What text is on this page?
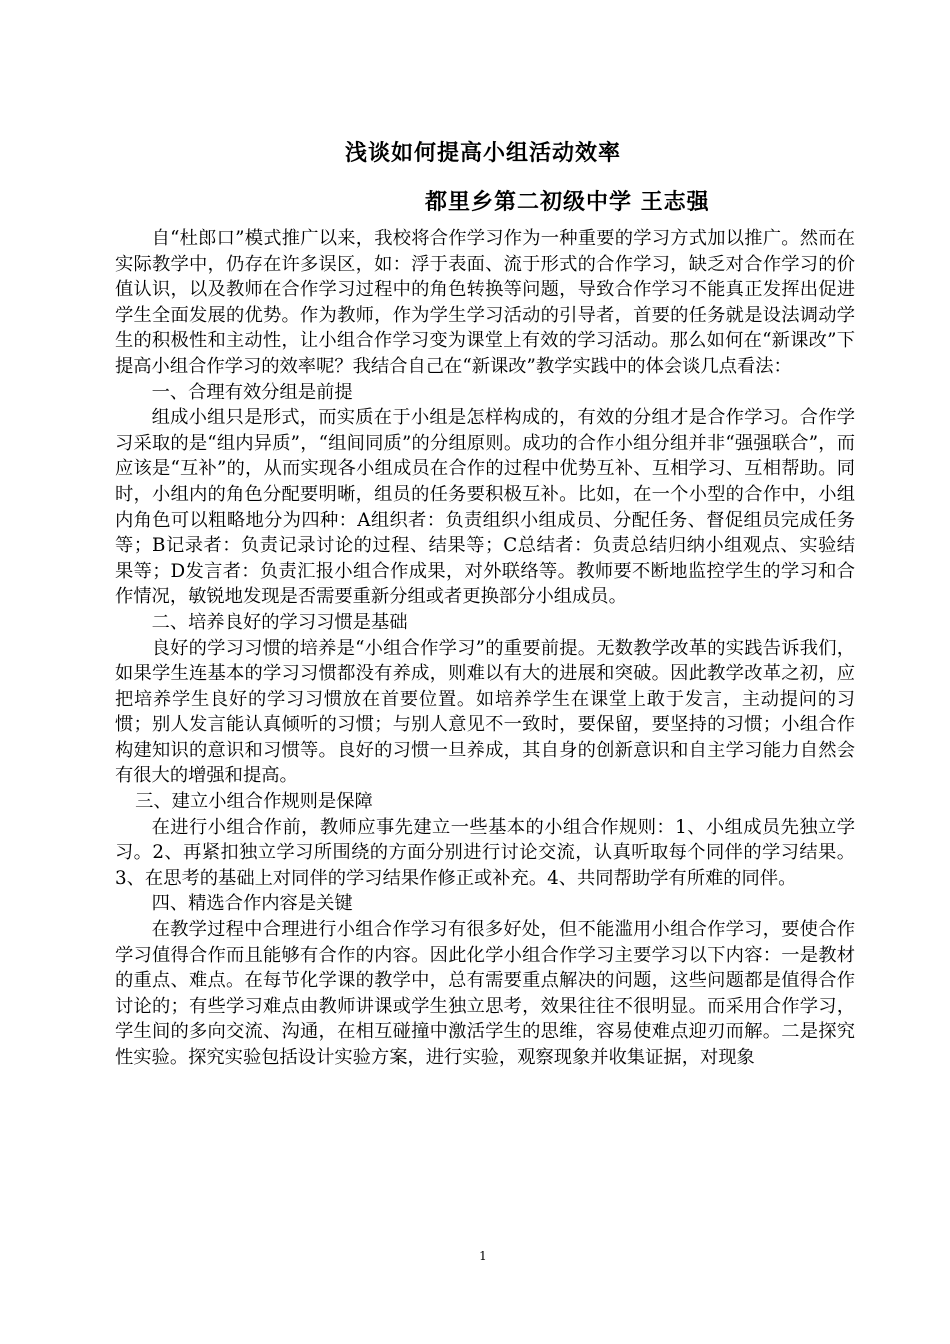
浅谈如何提高小组活动效率
都里乡第二初级中学 王志强

自“杜郎口”模式推广以来，我校将合作学习作为一种重要的学习方式加以推广。然而在实际教学中，仍存在许多误区，如：浮于表面、流于形式的合作学习，缺乏对合作学习的价值认识，以及教师在合作学习过程中的角色转换等问题，导致合作学习不能真正发挥出促进学生全面发展的优势。作为教师，作为学生学习活动的引导者，首要的任务就是设法调动学生的积极性和主动性，让小组合作学习变为课堂上有效的学习活动。那么如何在“新课改”下提高小组合作学习的效率呢？我结合自己在“新课改”教学实践中的体会谈几点看法：

一、合理有效分组是前提

组成小组只是形式，而实质在于小组是怎样构成的，有效的分组才是合作学习。合作学习采取的是“组内异质”，“组间同质”的分组原则。成功的合作小组分组并非“强强联合”，而应该是“互补”的，从而实现各小组成员在合作的过程中优势互补、互相学习、互相帮助。同时，小组内的角色分配要明晰，组员的任务要积极互补。比如，在一个小型的合作中，小组内角色可以粗略地分为四种：A组织者：负责组织小组成员、分配任务、督促组员完成任务等；B记录者：负责记录讨论的过程、结果等；C总结者：负责总结归纳小组观点、实验结果等；D发言者：负责汇报小组合作成果，对外联络等。教师要不断地监控学生的学习和合作情况，敏锐地发现是否需要重新分组或者更换部分小组成员。

二、培养良好的学习习惯是基础

良好的学习习惯的培养是“小组合作学习”的重要前提。无数教学改革的实践告诉我们，如果学生连基本的学习习惯都没有养成，则难以有大的进展和突破。因此教学改革之初，应把培养学生良好的学习习惯放在首要位置。如培养学生在课堂上敢于发言，主动提问的习惯；别人发言能认真倾听的习惯；与别人意见不一致时，要保留，要坚持的习惯；小组合作构建知识的意识和习惯等。良好的习惯一旦养成，其自身的创新意识和自主学习能力自然会有很大的增强和提高。

三、建立小组合作规则是保障

在进行小组合作前，教师应事先建立一些基本的小组合作规则：1、小组成员先独立学习。2、再紧扣独立学习所围绕的方面分别进行讨论交流，认真听取每个同伴的学习结果。3、在思考的基础上对同伴的学习结果作修正或补充。4、共同帮助学有所难的同伴。

四、精选合作内容是关键

在教学过程中合理进行小组合作学习有很多好处，但不能滥用小组合作学习，要使合作学习值得合作而且能够有合作的内容。因此化学小组合作学习主要学习以下内容：一是教材的重点、难点。在每节化学课的教学中，总有需要重点解决的问题，这些问题都是值得合作讨论的；有些学习难点由教师讲课或学生独立思考，效果往往不很明显。而采用合作学习，学生间的多向交流、沟通，在相互碰撞中激活学生的思维，容易使难点迎刃而解。二是探究性实验。探究实验包括设计实验方案，进行实验，观察现象并收集证据，对现象

1
